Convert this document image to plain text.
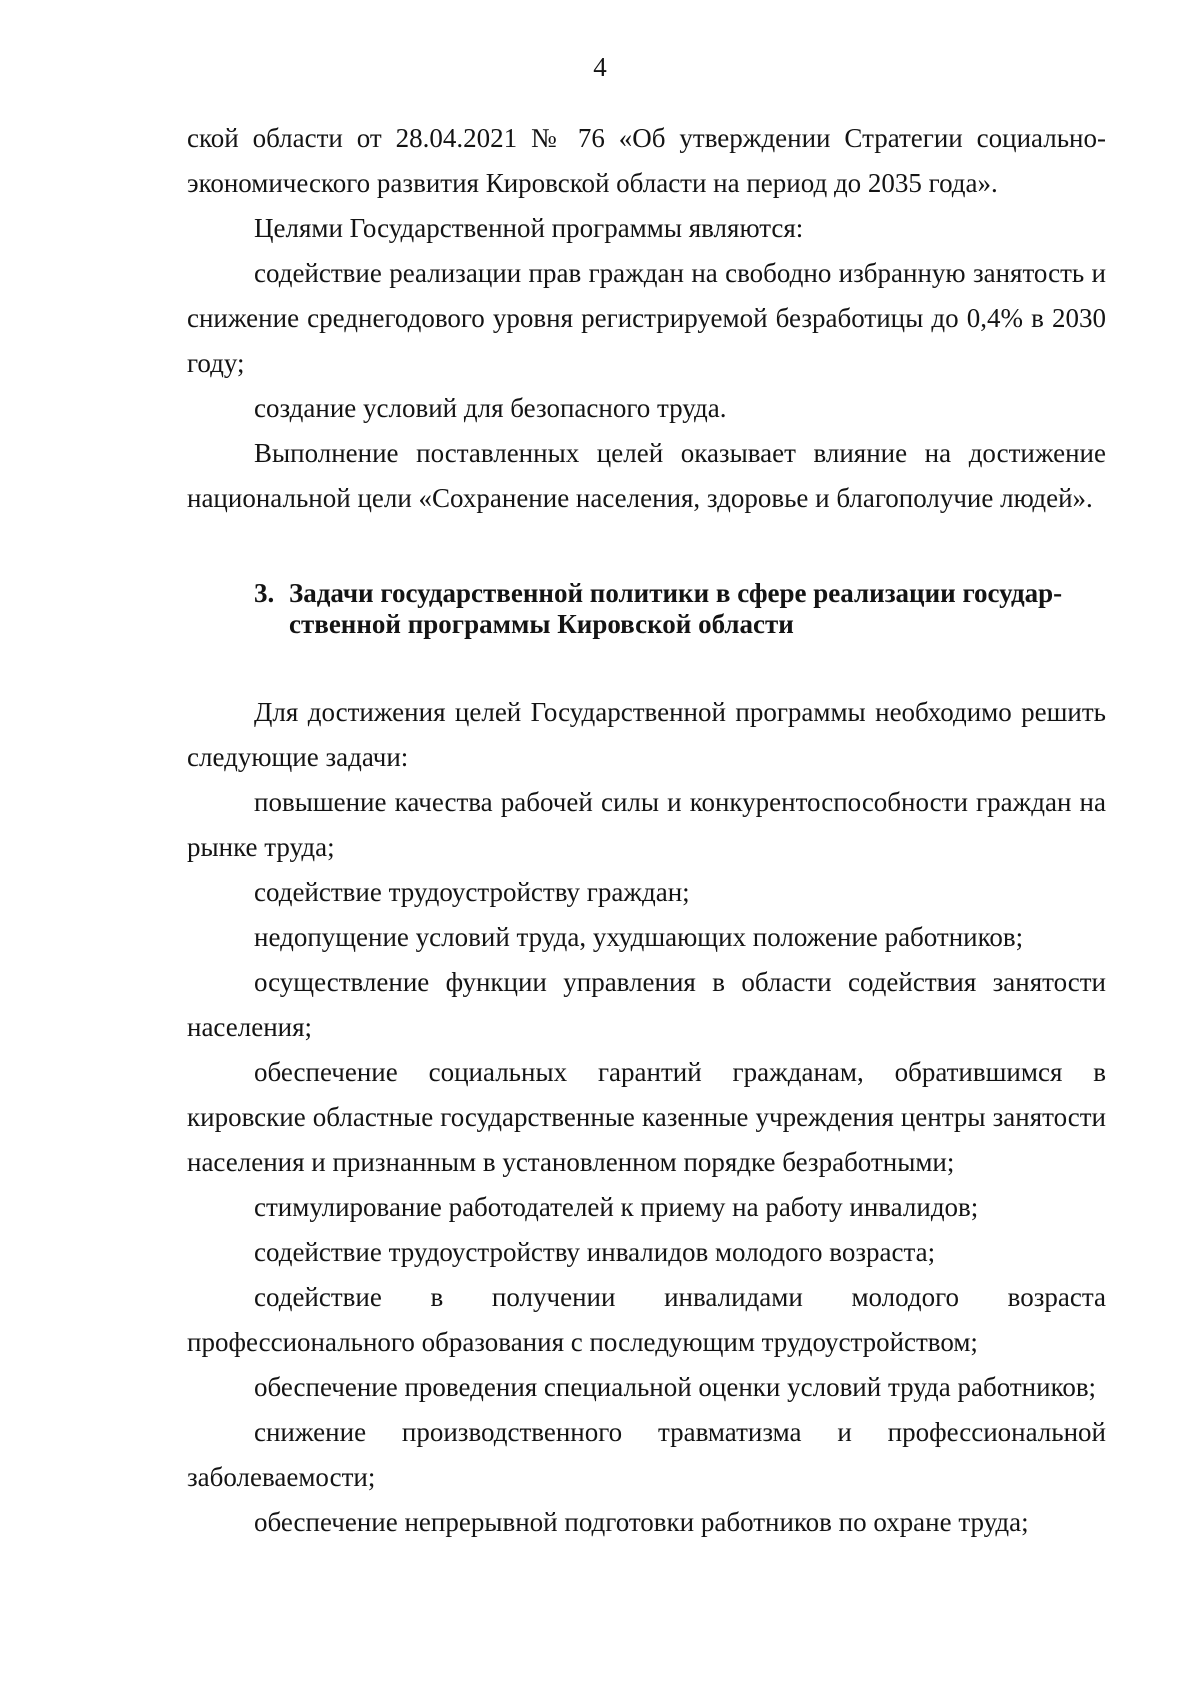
4

ской области от 28.04.2021 № 76 «Об утверждении Стратегии социально-экономического развития Кировской области на период до 2035 года».

Целями Государственной программы являются:

содействие реализации прав граждан на свободно избранную занятость и снижение среднегодового уровня регистрируемой безработицы до 0,4% в 2030 году;

создание условий для безопасного труда.

Выполнение поставленных целей оказывает влияние на достижение национальной цели «Сохранение населения, здоровье и благополучие людей».

3. Задачи государственной политики в сфере реализации государ-
ственной программы Кировской области

Для достижения целей Государственной программы необходимо решить следующие задачи:

повышение качества рабочей силы и конкурентоспособности граждан на рынке труда;

содействие трудоустройству граждан;

недопущение условий труда, ухудшающих положение работников;

осуществление функции управления в области содействия занятости населения;

обеспечение социальных гарантий гражданам, обратившимся в кировские областные государственные казенные учреждения центры занятости населения и признанным в установленном порядке безработными;

стимулирование работодателей к приему на работу инвалидов;

содействие трудоустройству инвалидов молодого возраста;

содействие в получении инвалидами молодого возраста профессионального образования с последующим трудоустройством;

обеспечение проведения специальной оценки условий труда работников;

снижение производственного травматизма и профессиональной заболеваемости;

обеспечение непрерывной подготовки работников по охране труда;
